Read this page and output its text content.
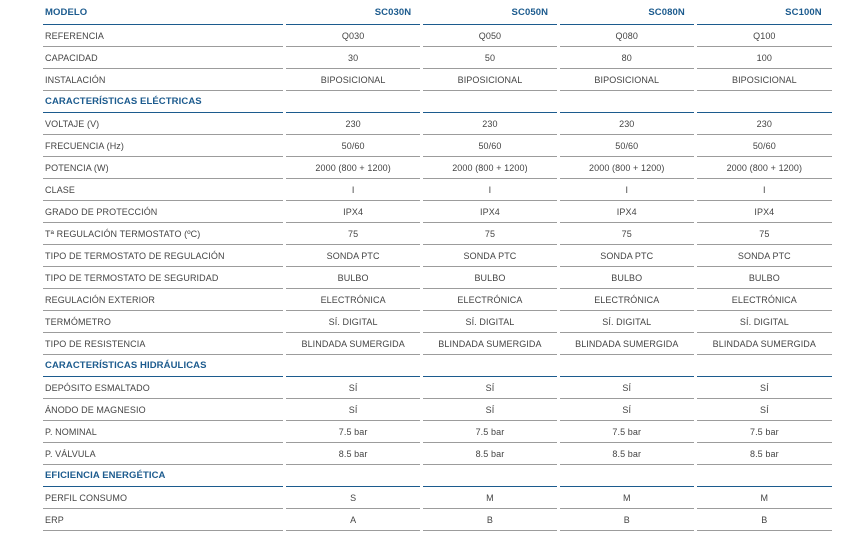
MODELO	SC030N	SC050N	SC080N	SC100N
REFERENCIA	Q030	Q050	Q080	Q100
CAPACIDAD	30	50	80	100
INSTALACIÓN	BIPOSICIONAL	BIPOSICIONAL	BIPOSICIONAL	BIPOSICIONAL
CARACTERÍSTICAS ELÉCTRICAS				
VOLTAJE (V)	230	230	230	230
FRECUENCIA (Hz)	50/60	50/60	50/60	50/60
POTENCIA (W)	2000 (800 + 1200)	2000 (800 + 1200)	2000 (800 + 1200)	2000 (800 + 1200)
CLASE	I	I	I	I
GRADO DE PROTECCIÓN	IPX4	IPX4	IPX4	IPX4
Tª REGULACIÓN TERMOSTATO (ºC)	75	75	75	75
TIPO DE TERMOSTATO DE REGULACIÓN	SONDA PTC	SONDA PTC	SONDA PTC	SONDA PTC
TIPO DE TERMOSTATO DE SEGURIDAD	BULBO	BULBO	BULBO	BULBO
REGULACIÓN EXTERIOR	ELECTRÓNICA	ELECTRÓNICA	ELECTRÓNICA	ELECTRÓNICA
TERMÓMETRO	SÍ. DIGITAL	SÍ. DIGITAL	SÍ. DIGITAL	SÍ. DIGITAL
TIPO DE RESISTENCIA	BLINDADA SUMERGIDA	BLINDADA SUMERGIDA	BLINDADA SUMERGIDA	BLINDADA SUMERGIDA
CARACTERÍSTICAS HIDRÁULICAS				
DEPÓSITO ESMALTADO	SÍ	SÍ	SÍ	SÍ
ÁNODO DE MAGNESIO	SÍ	SÍ	SÍ	SÍ
P. NOMINAL	7.5 bar	7.5 bar	7.5 bar	7.5 bar
P. VÁLVULA	8.5 bar	8.5 bar	8.5 bar	8.5 bar
EFICIENCIA ENERGÉTICA				
PERFIL CONSUMO	S	M	M	M
ERP	A	B	B	B
